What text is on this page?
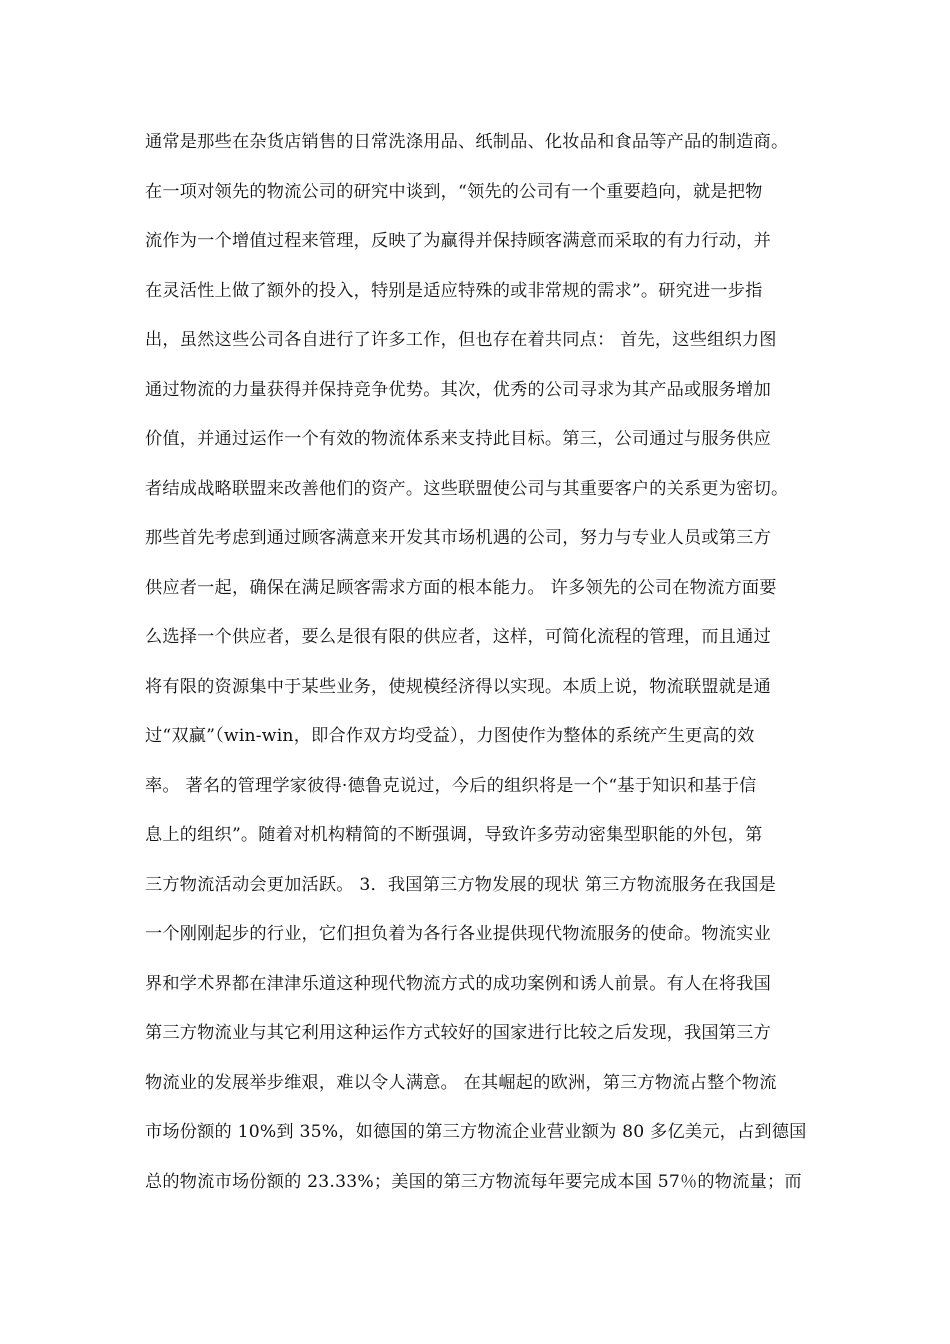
通常是那些在杂货店销售的日常洗涤用品、纸制品、化妆品和食品等产品的制造商。
在一项对领先的物流公司的研究中谈到，“领先的公司有一个重要趋向，就是把物
流作为一个增值过程来管理，反映了为赢得并保持顾客满意而采取的有力行动，并
在灵活性上做了额外的投入，特别是适应特殊的或非常规的需求”。研究进一步指
出，虽然这些公司各自进行了许多工作，但也存在着共同点： 首先，这些组织力图
通过物流的力量获得并保持竞争优势。其次，优秀的公司寻求为其产品或服务增加
价值，并通过运作一个有效的物流体系来支持此目标。第三，公司通过与服务供应
者结成战略联盟来改善他们的资产。这些联盟使公司与其重要客户的关系更为密切。
那些首先考虑到通过顾客满意来开发其市场机遇的公司，努力与专业人员或第三方
供应者一起，确保在满足顾客需求方面的根本能力。 许多领先的公司在物流方面要
么选择一个供应者，要么是很有限的供应者，这样，可简化流程的管理，而且通过
将有限的资源集中于某些业务，使规模经济得以实现。本质上说，物流联盟就是通
过“双赢”（win-win，即合作双方均受益），力图使作为整体的系统产生更高的效
率。 著名的管理学家彼得·德鲁克说过，今后的组织将是一个“基于知识和基于信
息上的组织”。随着对机构精简的不断强调，导致许多劳动密集型职能的外包，第
三方物流活动会更加活跃。 3．我国第三方物发展的现状 第三方物流服务在我国是
一个刚刚起步的行业，它们担负着为各行各业提供现代物流服务的使命。物流实业
界和学术界都在津津乐道这种现代物流方式的成功案例和诱人前景。有人在将我国
第三方物流业与其它利用这种运作方式较好的国家进行比较之后发现，我国第三方
物流业的发展举步维艰，难以令人满意。 在其崛起的欧洲，第三方物流占整个物流
市场份额的 10%到 35%，如德国的第三方物流企业营业额为 80 多亿美元，占到德国
总的物流市场份额的 23.33%；美国的第三方物流每年要完成本国 57％的物流量；而
